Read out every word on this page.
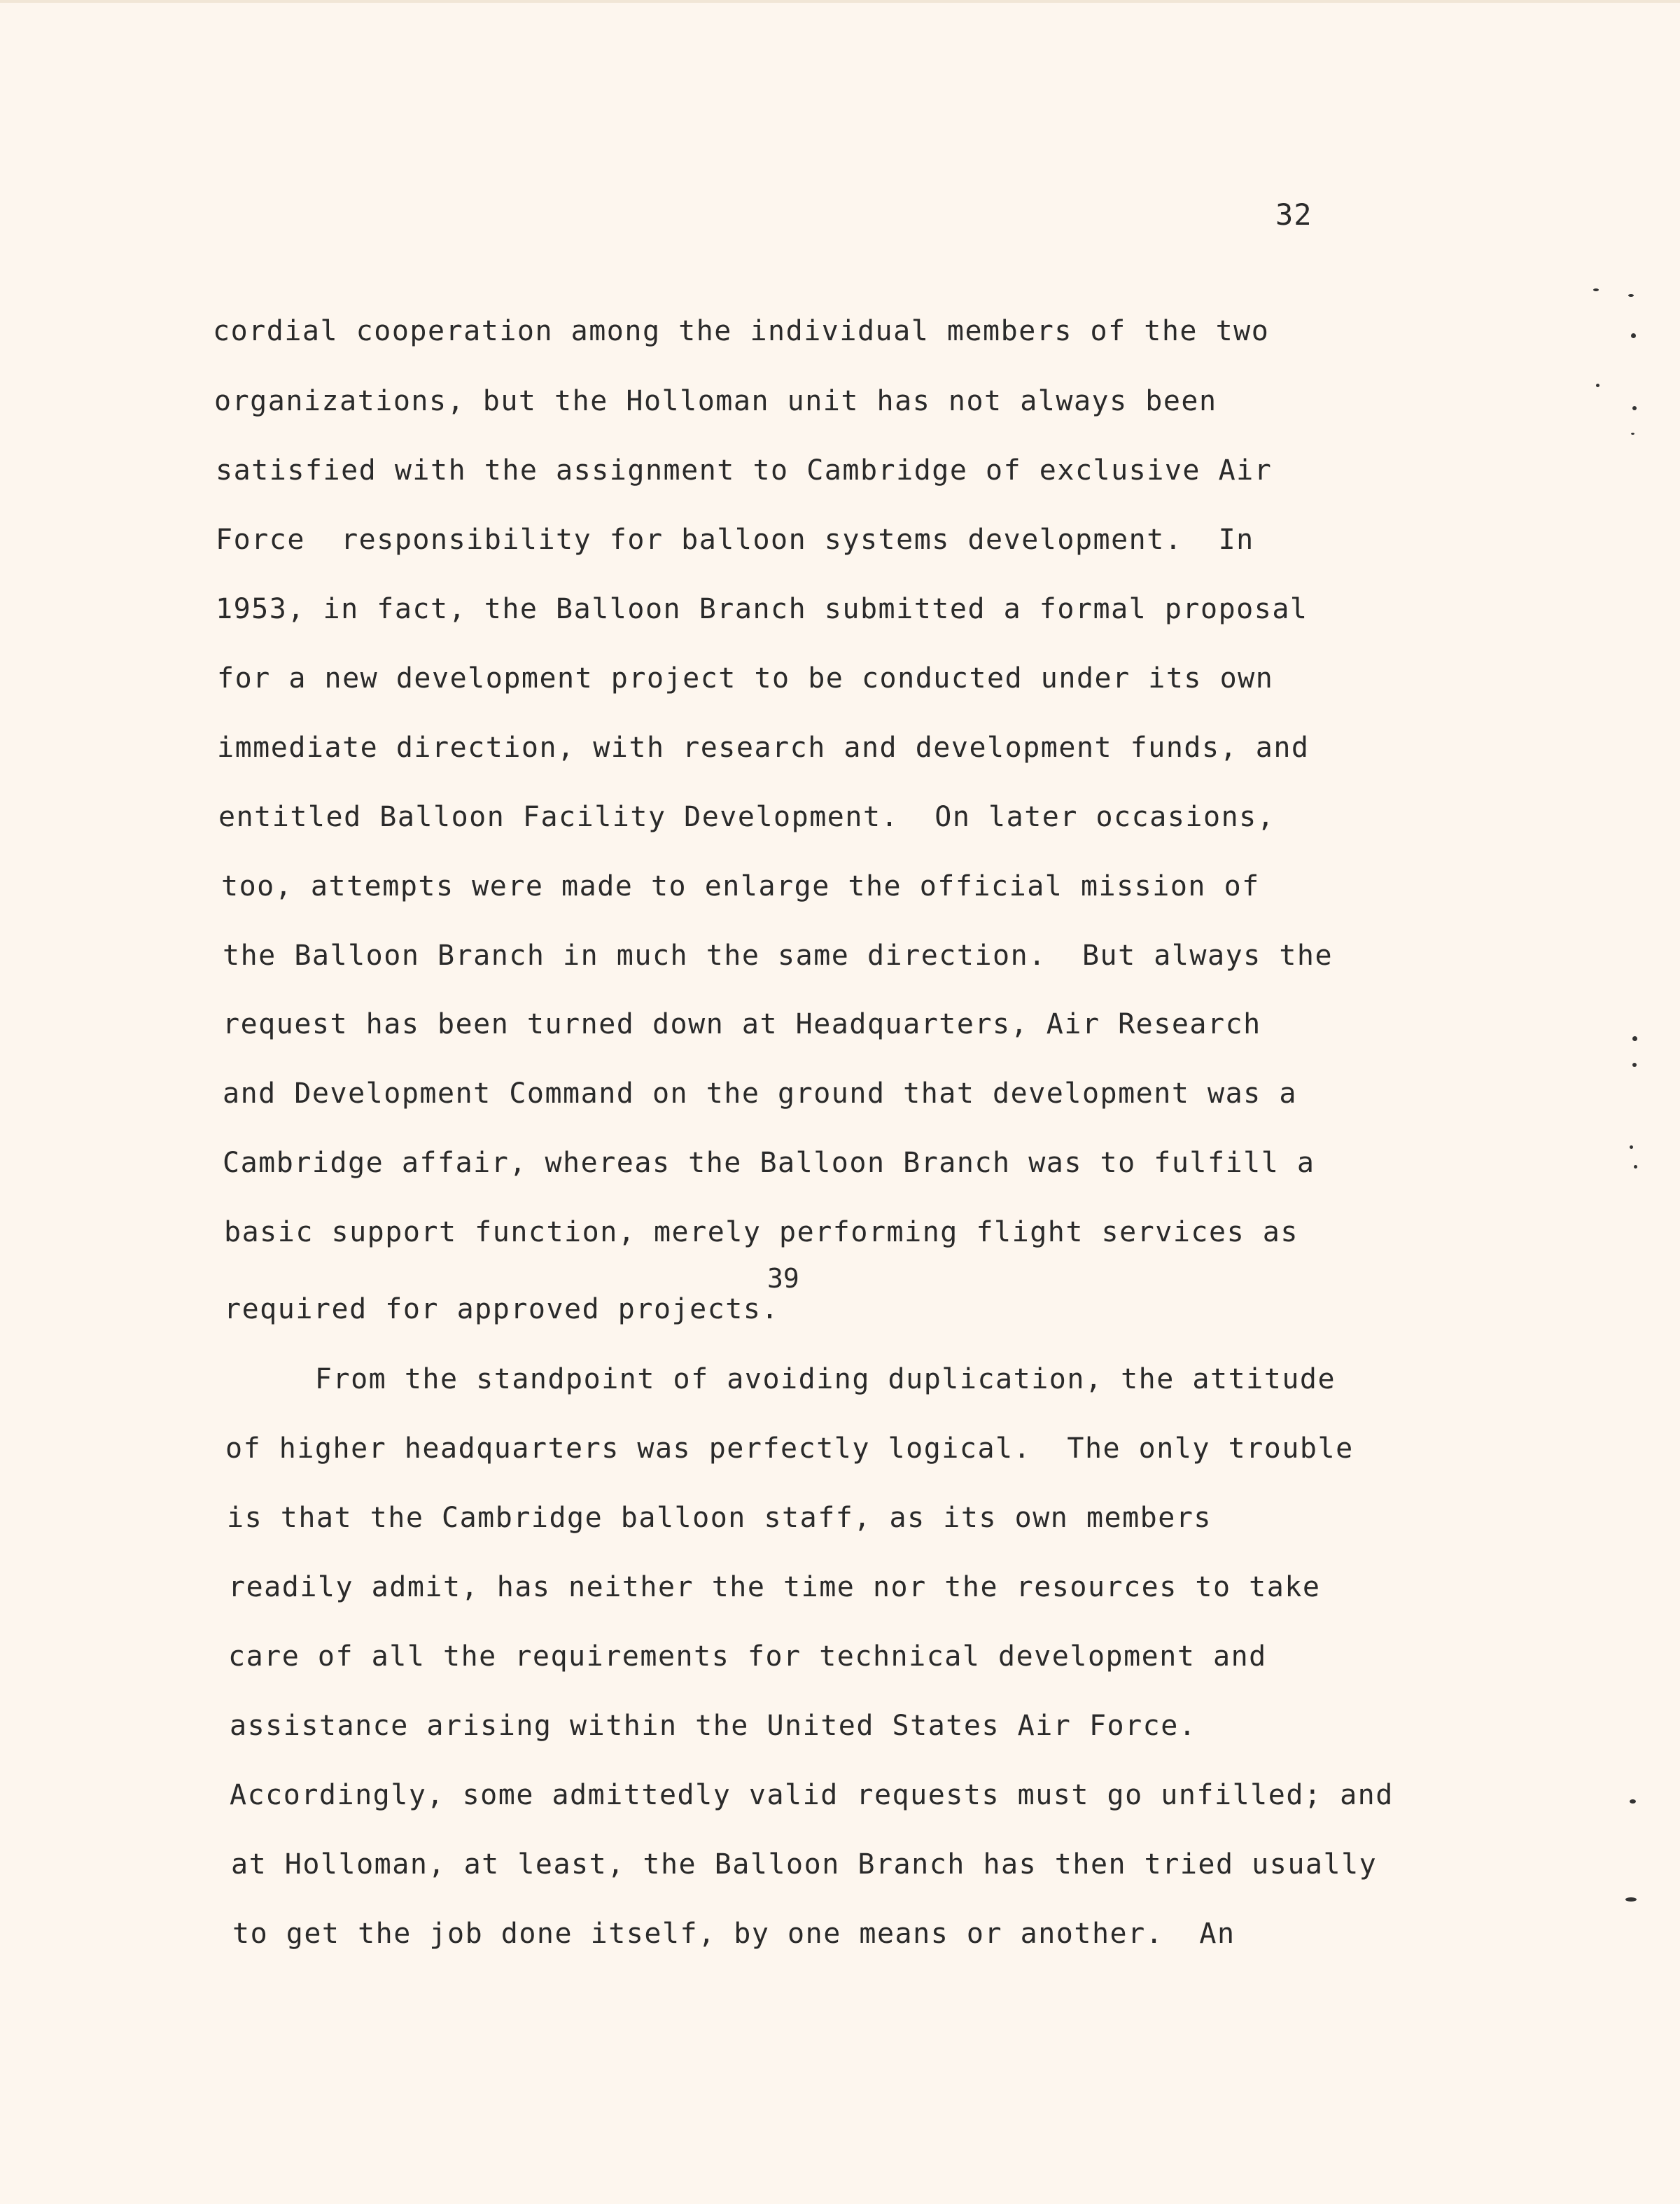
32
cordial cooperation among the individual members of the two
organizations, but the Holloman unit has not always been
satisfied with the assignment to Cambridge of exclusive Air
Force  responsibility for balloon systems development.  In
1953, in fact, the Balloon Branch submitted a formal proposal
for a new development project to be conducted under its own
immediate direction, with research and development funds, and
entitled Balloon Facility Development.  On later occasions,
too, attempts were made to enlarge the official mission of
the Balloon Branch in much the same direction.  But always the
request has been turned down at Headquarters, Air Research
and Development Command on the ground that development was a
Cambridge affair, whereas the Balloon Branch was to fulfill a
basic support function, merely performing flight services as
required for approved projects.
39
From the standpoint of avoiding duplication, the attitude
of higher headquarters was perfectly logical.  The only trouble
is that the Cambridge balloon staff, as its own members
readily admit, has neither the time nor the resources to take
care of all the requirements for technical development and
assistance arising within the United States Air Force.
Accordingly, some admittedly valid requests must go unfilled; and
at Holloman, at least, the Balloon Branch has then tried usually
to get the job done itself, by one means or another.  An
